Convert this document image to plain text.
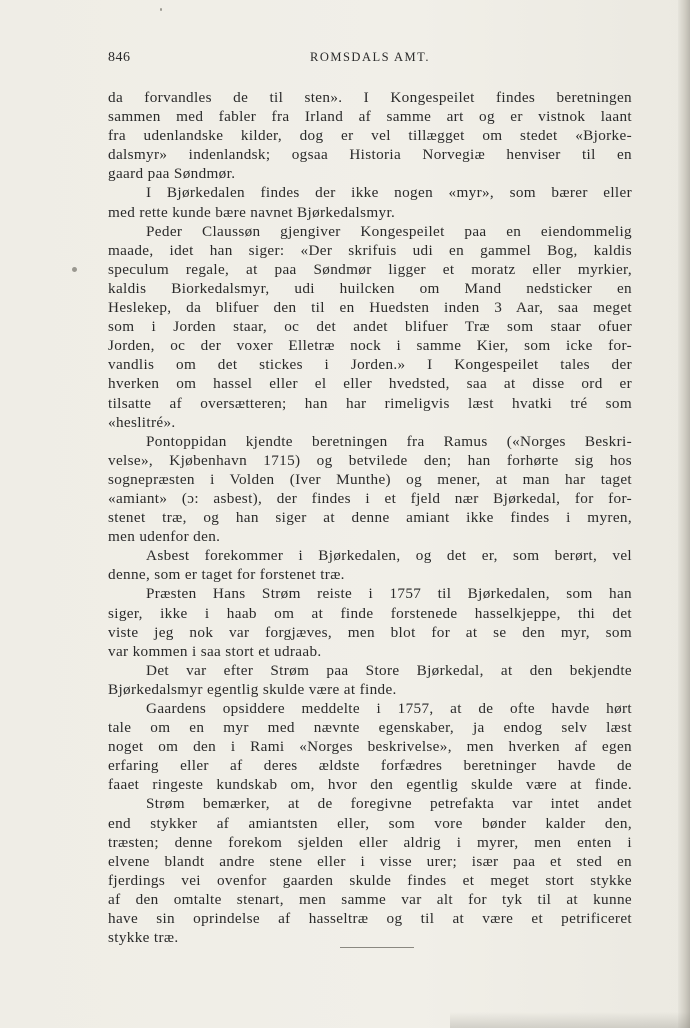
846	ROMSDALS AMT.
da forvandles de til sten». I Kongespeilet findes beretningen
sammen med fabler fra Irland af samme art og er vistnok laant
fra udenlandske kilder, dog er vel tillægget om stedet «Bjorke-
dalsmyr» indenlandsk; ogsaa Historia Norvegiæ henviser til en
gaard paa Søndmør.
I Bjørkedalen findes der ikke nogen «myr», som bærer eller
med rette kunde bære navnet Bjørkedalsmyr.
Peder Claussøn gjengiver Kongespeilet paa en eiendommelig
maade, idet han siger: «Der skrifuis udi en gammel Bog, kaldis
speculum regale, at paa Søndmør ligger et moratz eller myrkier,
kaldis Biorkedalsmyr, udi huilcken om Mand nedsticker en
Heslekep, da blifuer den til en Huedsten inden 3 Aar, saa meget
som i Jorden staar, oc det andet blifuer Træ som staar ofuer
Jorden, oc der voxer Elletræ nock i samme Kier, som icke for-
vandlis om det stickes i Jorden.» I Kongespeilet tales der
hverken om hassel eller el eller hvedsted, saa at disse ord er
tilsatte af oversætteren; han har rimeligvis læst hvatki tré som
«heslitré».
Pontoppidan kjendte beretningen fra Ramus («Norges Beskri-
velse», Kjøbenhavn 1715) og betvilede den; han forhørte sig hos
sognepræsten i Volden (Iver Munthe) og mener, at man har taget
«amiant» (ɔ: asbest), der findes i et fjeld nær Bjørkedal, for for-
stenet træ, og han siger at denne amiant ikke findes i myren,
men udenfor den.
Asbest forekommer i Bjørkedalen, og det er, som berørt, vel
denne, som er taget for forstenet træ.
Præsten Hans Strøm reiste i 1757 til Bjørkedalen, som han
siger, ikke i haab om at finde forstenede hasselkjeppe, thi det
viste jeg nok var forgjæves, men blot for at se den myr, som
var kommen i saa stort et udraab.
Det var efter Strøm paa Store Bjørkedal, at den bekjendte
Bjørkedalsmyr egentlig skulde være at finde.
Gaardens opsiddere meddelte i 1757, at de ofte havde hørt
tale om en myr med nævnte egenskaber, ja endog selv læst
noget om den i Rami «Norges beskrivelse», men hverken af egen
erfaring eller af deres ældste forfædres beretninger havde de
faaet ringeste kundskab om, hvor den egentlig skulde være at finde.
Strøm bemærker, at de foregivne petrefakta var intet andet
end stykker af amiantsten eller, som vore bønder kalder den,
træsten; denne forekom sjelden eller aldrig i myrer, men enten i
elvene blandt andre stene eller i visse urer; især paa et sted en
fjerdings vei ovenfor gaarden skulde findes et meget stort stykke
af den omtalte stenart, men samme var alt for tyk til at kunne
have sin oprindelse af hasseltræ og til at være et petrificeret
stykke træ.
